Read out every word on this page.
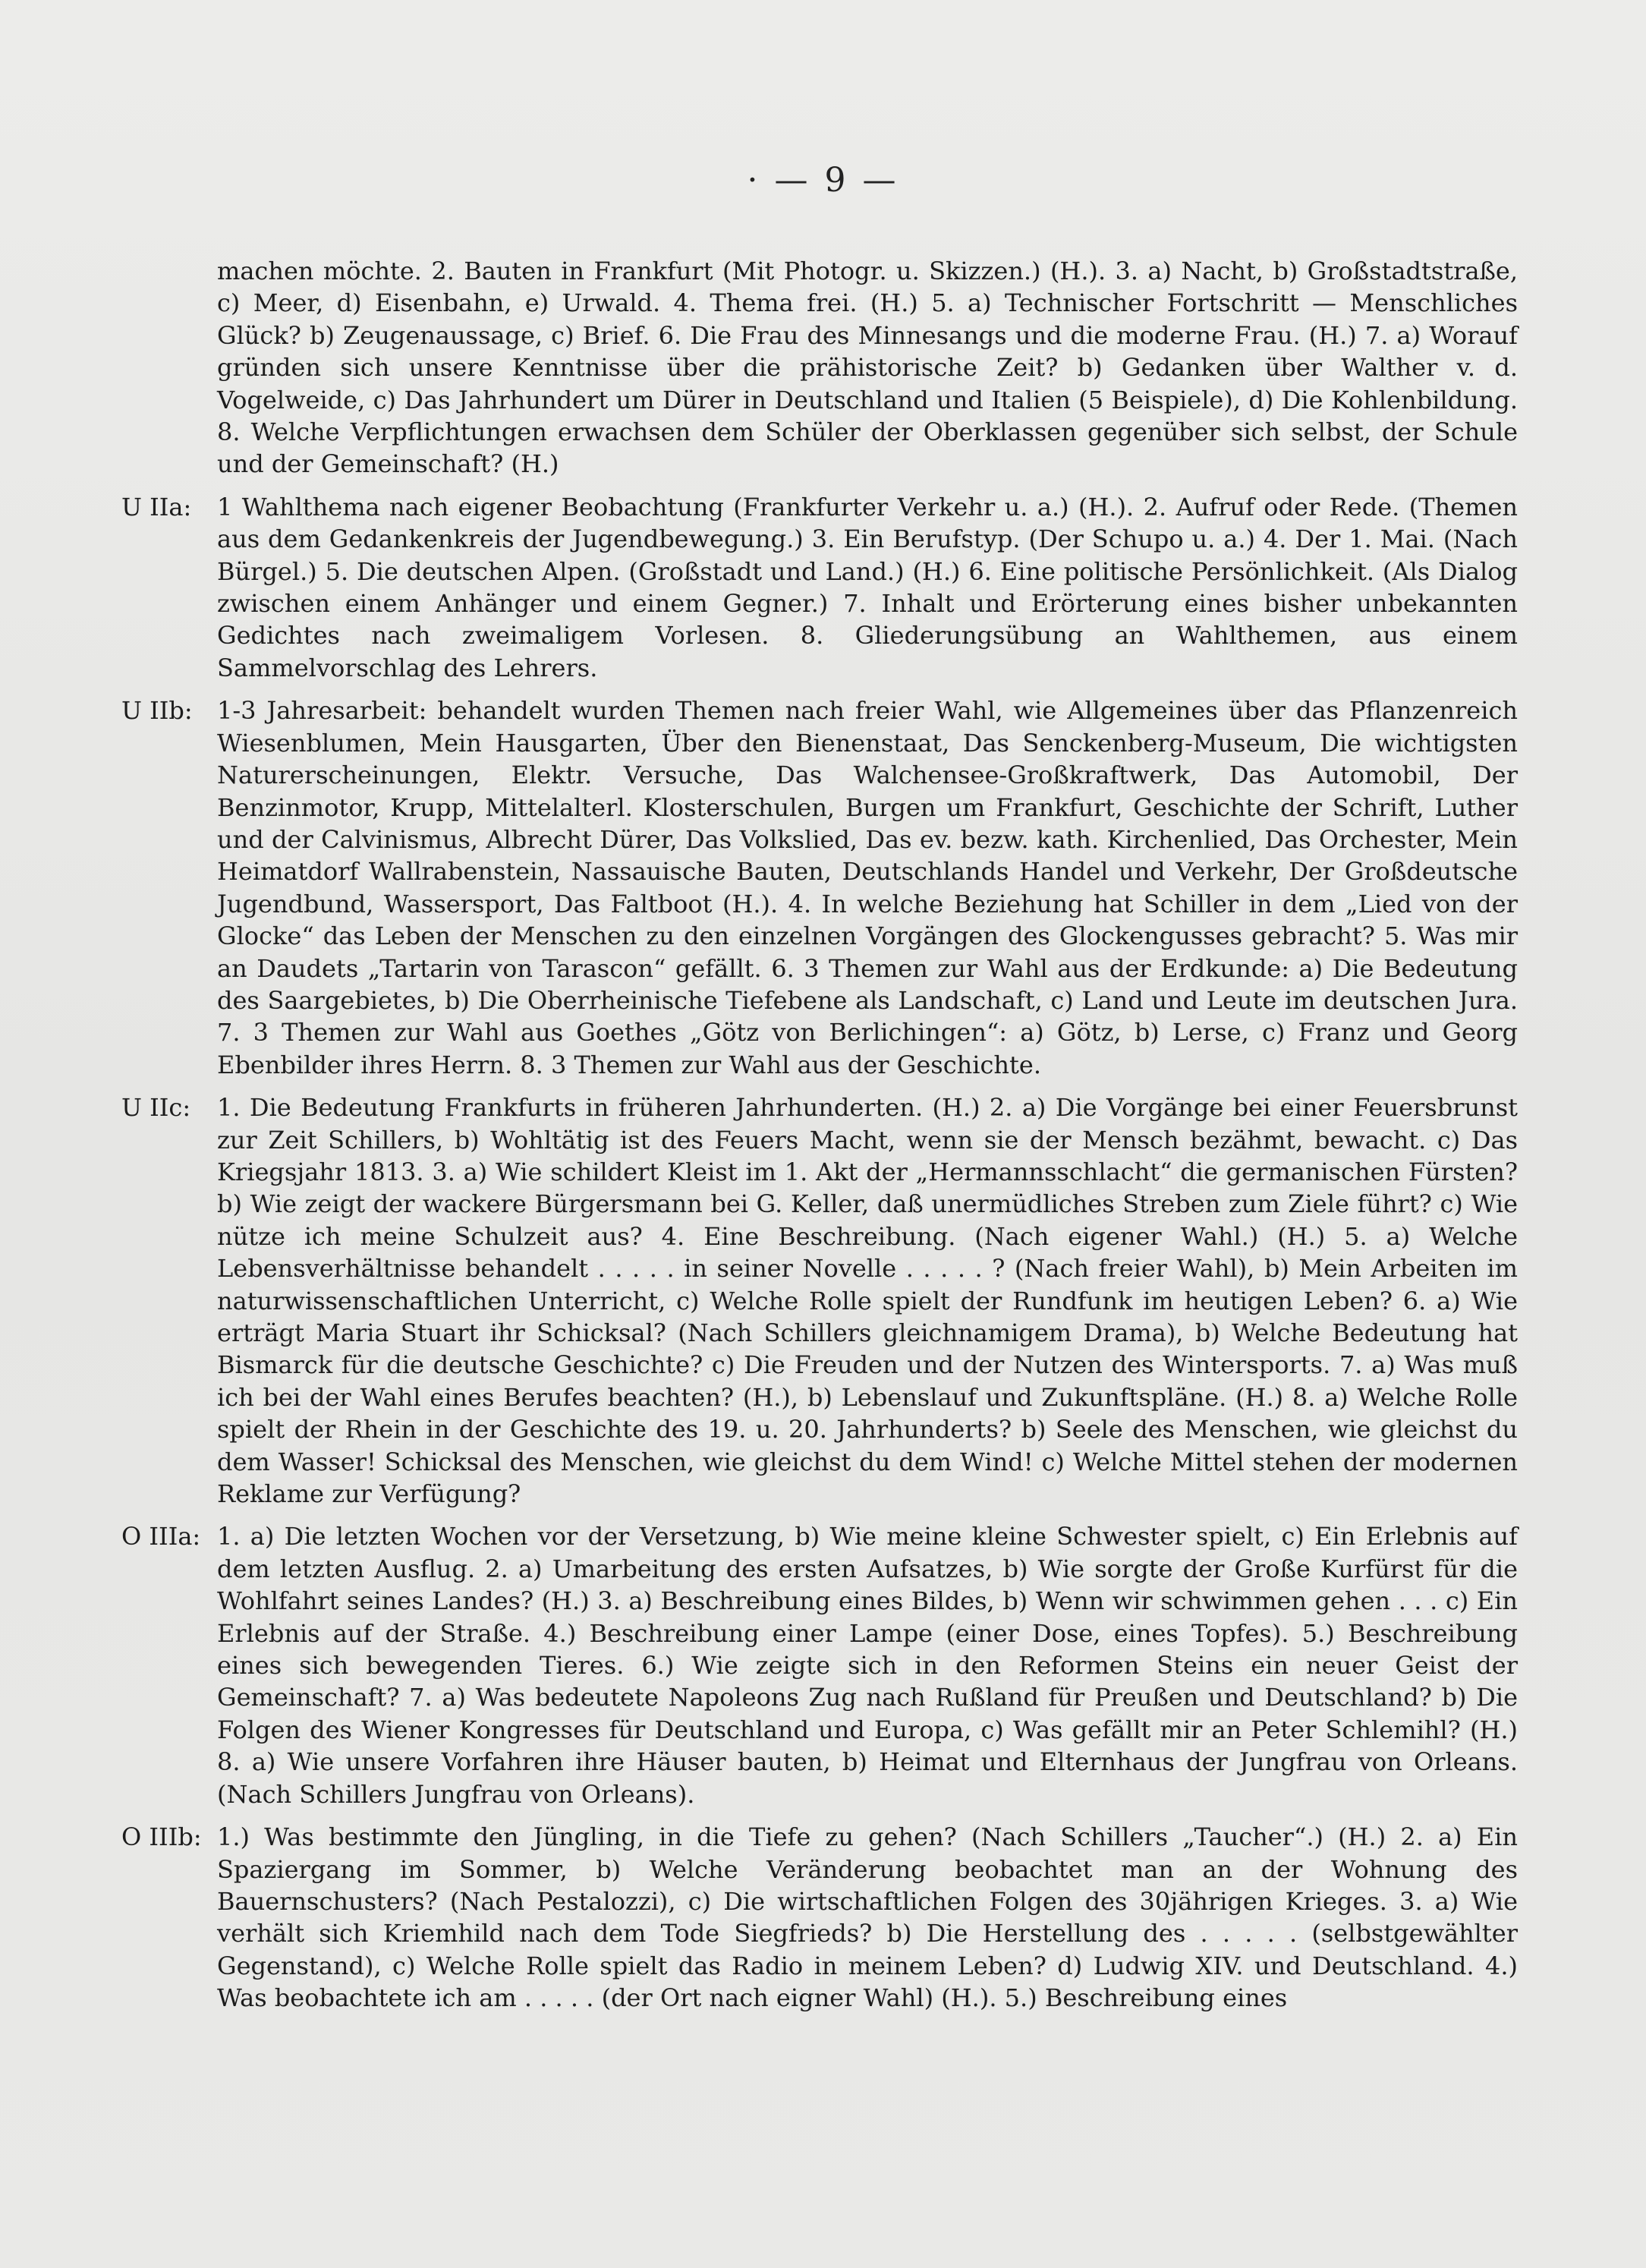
· — 9 —

machen möchte. 2. Bauten in Frankfurt (Mit Photogr. u. Skizzen.) (H.). 3. a) Nacht, b) Großstadtstraße, c) Meer, d) Eisenbahn, e) Urwald. 4. Thema frei. (H.) 5. a) Technischer Fortschritt — Menschliches Glück? b) Zeugenaussage, c) Brief. 6. Die Frau des Minnesangs und die moderne Frau. (H.) 7. a) Worauf gründen sich unsere Kenntnisse über die prähistorische Zeit? b) Gedanken über Walther v. d. Vogelweide, c) Das Jahrhundert um Dürer in Deutschland und Italien (5 Beispiele), d) Die Kohlenbildung. 8. Welche Verpflichtungen erwachsen dem Schüler der Oberklassen gegenüber sich selbst, der Schule und der Gemeinschaft? (H.)

U IIa:	1 Wahlthema nach eigener Beobachtung (Frankfurter Verkehr u. a.) (H.). 2. Aufruf oder Rede. (Themen aus dem Gedankenkreis der Jugendbewegung.) 3. Ein Berufstyp. (Der Schupo u. a.) 4. Der 1. Mai. (Nach Bürgel.) 5. Die deutschen Alpen. (Großstadt und Land.) (H.) 6. Eine politische Persönlichkeit. (Als Dialog zwischen einem Anhänger und einem Gegner.) 7. Inhalt und Erörterung eines bisher unbekannten Gedichtes nach zweimaligem Vorlesen. 8. Gliederungsübung an Wahlthemen, aus einem Sammelvorschlag des Lehrers.
U IIb:	1-3 Jahresarbeit: behandelt wurden Themen nach freier Wahl, wie Allgemeines über das Pflanzenreich Wiesenblumen, Mein Hausgarten, Über den Bienenstaat, Das Senckenberg-Museum, Die wichtigsten Naturerscheinungen, Elektr. Versuche, Das Walchensee-Großkraftwerk, Das Automobil, Der Benzinmotor, Krupp, Mittelalterl. Klosterschulen, Burgen um Frankfurt, Geschichte der Schrift, Luther und der Calvinismus, Albrecht Dürer, Das Volkslied, Das ev. bezw. kath. Kirchenlied, Das Orchester, Mein Heimatdorf Wallrabenstein, Nassauische Bauten, Deutschlands Handel und Verkehr, Der Großdeutsche Jugendbund, Wassersport, Das Faltboot (H.). 4. In welche Beziehung hat Schiller in dem „Lied von der Glocke“ das Leben der Menschen zu den einzelnen Vorgängen des Glockengusses gebracht? 5. Was mir an Daudets „Tartarin von Tarascon“ gefällt. 6. 3 Themen zur Wahl aus der Erdkunde: a) Die Bedeutung des Saargebietes, b) Die Oberrheinische Tiefebene als Landschaft, c) Land und Leute im deutschen Jura. 7. 3 Themen zur Wahl aus Goethes „Götz von Berlichingen“: a) Götz, b) Lerse, c) Franz und Georg Ebenbilder ihres Herrn. 8. 3 Themen zur Wahl aus der Geschichte.
U IIc:	1. Die Bedeutung Frankfurts in früheren Jahrhunderten. (H.) 2. a) Die Vorgänge bei einer Feuersbrunst zur Zeit Schillers, b) Wohltätig ist des Feuers Macht, wenn sie der Mensch bezähmt, bewacht. c) Das Kriegsjahr 1813. 3. a) Wie schildert Kleist im 1. Akt der „Hermannsschlacht“ die germanischen Fürsten? b) Wie zeigt der wackere Bürgersmann bei G. Keller, daß unermüdliches Streben zum Ziele führt? c) Wie nütze ich meine Schulzeit aus? 4. Eine Beschreibung. (Nach eigener Wahl.) (H.) 5. a) Welche Lebensverhältnisse behandelt . . . . . in seiner Novelle . . . . . ? (Nach freier Wahl), b) Mein Arbeiten im naturwissenschaftlichen Unterricht, c) Welche Rolle spielt der Rundfunk im heutigen Leben? 6. a) Wie erträgt Maria Stuart ihr Schicksal? (Nach Schillers gleichnamigem Drama), b) Welche Bedeutung hat Bismarck für die deutsche Geschichte? c) Die Freuden und der Nutzen des Wintersports. 7. a) Was muß ich bei der Wahl eines Berufes beachten? (H.), b) Lebenslauf und Zukunftspläne. (H.) 8. a) Welche Rolle spielt der Rhein in der Geschichte des 19. u. 20. Jahrhunderts? b) Seele des Menschen, wie gleichst du dem Wasser! Schicksal des Menschen, wie gleichst du dem Wind! c) Welche Mittel stehen der modernen Reklame zur Verfügung?
O IIIa: 1. a) Die letzten Wochen vor der Versetzung, b) Wie meine kleine Schwester spielt, c) Ein Erlebnis auf dem letzten Ausflug. 2. a) Umarbeitung des ersten Aufsatzes, b) Wie sorgte der Große Kurfürst für die Wohlfahrt seines Landes? (H.) 3. a) Beschreibung eines Bildes, b) Wenn wir schwimmen gehen . . . c) Ein Erlebnis auf der Straße. 4.) Beschreibung einer Lampe (einer Dose, eines Topfes). 5.) Beschreibung eines sich bewegenden Tieres. 6.) Wie zeigte sich in den Reformen Steins ein neuer Geist der Gemeinschaft? 7. a) Was bedeutete Napoleons Zug nach Rußland für Preußen und Deutschland? b) Die Folgen des Wiener Kongresses für Deutschland und Europa, c) Was gefällt mir an Peter Schlemihl? (H.) 8. a) Wie unsere Vorfahren ihre Häuser bauten, b) Heimat und Elternhaus der Jungfrau von Orleans. (Nach Schillers Jungfrau von Orleans).
O IIIb: 1.) Was bestimmte den Jüngling, in die Tiefe zu gehen? (Nach Schillers „Taucher“.) (H.) 2. a) Ein Spaziergang im Sommer, b) Welche Veränderung beobachtet man an der Wohnung des Bauernschusters? (Nach Pestalozzi), c) Die wirtschaftlichen Folgen des 30jährigen Krieges. 3. a) Wie verhält sich Kriemhild nach dem Tode Siegfrieds? b) Die Herstellung des . . . . . (selbstgewählter Gegenstand), c) Welche Rolle spielt das Radio in meinem Leben? d) Ludwig XIV. und Deutschland. 4.) Was beobachtete ich am . . . . . (der Ort nach eigner Wahl) (H.). 5.) Beschreibung eines
